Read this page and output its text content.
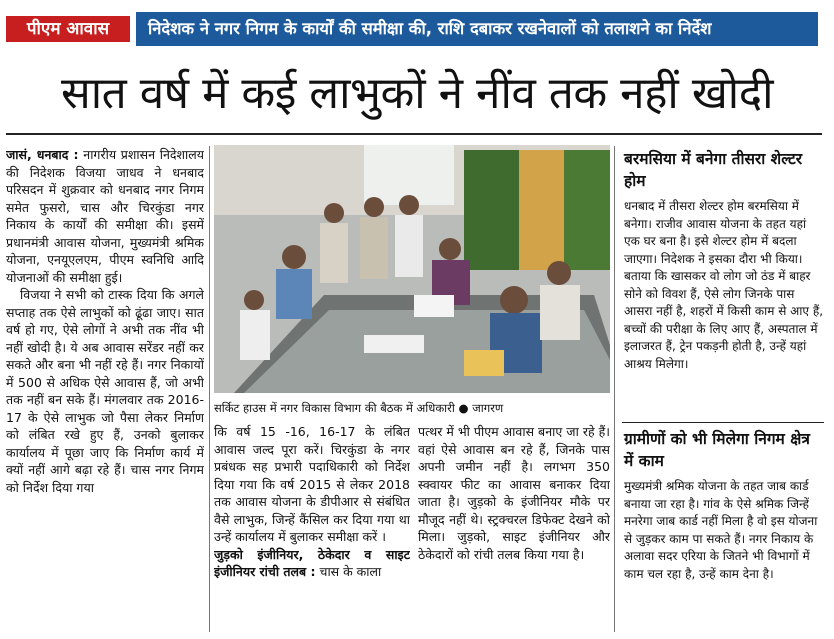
पीएम आवास	निदेशक ने नगर निगम के कार्यों की समीक्षा की, राशि दबाकर रखनेवालों को तलाशने का निर्देश
सात वर्ष में कई लाभुकों ने नींव तक नहीं खोदी

जासं, धनबाद : नागरीय प्रशासन निदेशालय की निदेशक विजया जाधव ने धनबाद परिसदन में शुक्रवार को धनबाद नगर निगम समेत फुसरो, चास और चिरकुंडा नगर निकाय के कार्यों की समीक्षा की। इसमें प्रधानमंत्री आवास योजना, मुख्यमंत्री श्रमिक योजना, एनयूएलएम, पीएम स्वनिधि आदि योजनाओं की समीक्षा हुई।

विजया ने सभी को टास्क दिया कि अगले सप्ताह तक ऐसे लाभुकों को ढूंढा जाए। सात वर्ष हो गए, ऐसे लोगों ने अभी तक नींव भी नहीं खोदी है। ये अब आवास सरेंडर नहीं कर सकते और बना भी नहीं रहे हैं। नगर निकायों में 500 से अधिक ऐसे आवास हैं, जो अभी तक नहीं बन सके हैं। मंगलवार तक 2016-17 के ऐसे लाभुक जो पैसा लेकर निर्माण को लंबित रखे हुए हैं, उनको बुलाकर कार्यालय में पूछा जाए कि निर्माण कार्य में क्यों नहीं आगे बढ़ा रहे हैं। चास नगर निगम को निर्देश दिया गया

सर्किट हाउस में नगर विकास विभाग की बैठक में अधिकारी ● जागरण

कि वर्ष 15 -16, 16-17 के लंबित आवास जल्द पूरा करें। चिरकुंडा के नगर प्रबंधक सह प्रभारी पदाधिकारी को निर्देश दिया गया कि वर्ष 2015 से लेकर 2018 तक आवास योजना के डीपीआर से संबंधित वैसे लाभुक, जिन्हें कैंसिल कर दिया गया था उन्हें कार्यालय में बुलाकर समीक्षा करें ।

जुड़को इंजीनियर, ठेकेदार व साइट इंजीनियर रांची तलब : चास के काला

पत्थर में भी पीएम आवास बनाए जा रहे हैं। वहां ऐसे आवास बन रहे हैं, जिनके पास अपनी जमीन नहीं है। लगभग 350 स्क्वायर फीट का आवास बनाकर दिया जाता है। जुड़को के इंजीनियर मौके पर मौजूद नहीं थे। स्ट्रक्चरल डिफेक्ट देखने को मिला। जुड़को, साइट इंजीनियर और ठेकेदारों को रांची तलब किया गया है।

बरमसिया में बनेगा तीसरा शेल्टर होम
धनबाद में तीसरा शेल्टर होम बरमसिया में बनेगा। राजीव आवास योजना के तहत यहां एक घर बना है। इसे शेल्टर होम में बदला जाएगा। निदेशक ने इसका दौरा भी किया। बताया कि खासकर वो लोग जो ठंड में बाहर सोने को विवश हैं, ऐसे लोग जिनके पास आसरा नहीं है, शहरों में किसी काम से आए हैं, बच्चों की परीक्षा के लिए आए हैं, अस्पताल में इलाजरत हैं, ट्रेन पकड़नी होती है, उन्हें यहां आश्रय मिलेगा।
ग्रामीणों को भी मिलेगा निगम क्षेत्र में काम
मुख्यमंत्री श्रमिक योजना के तहत जाब कार्ड बनाया जा रहा है। गांव के ऐसे श्रमिक जिन्हें मनरेगा जाब कार्ड नहीं मिला है वो इस योजना से जुड़कर काम पा सकते हैं। नगर निकाय के अलावा सदर एरिया के जितने भी विभागों में काम चल रहा है, उन्हें काम देना है।
